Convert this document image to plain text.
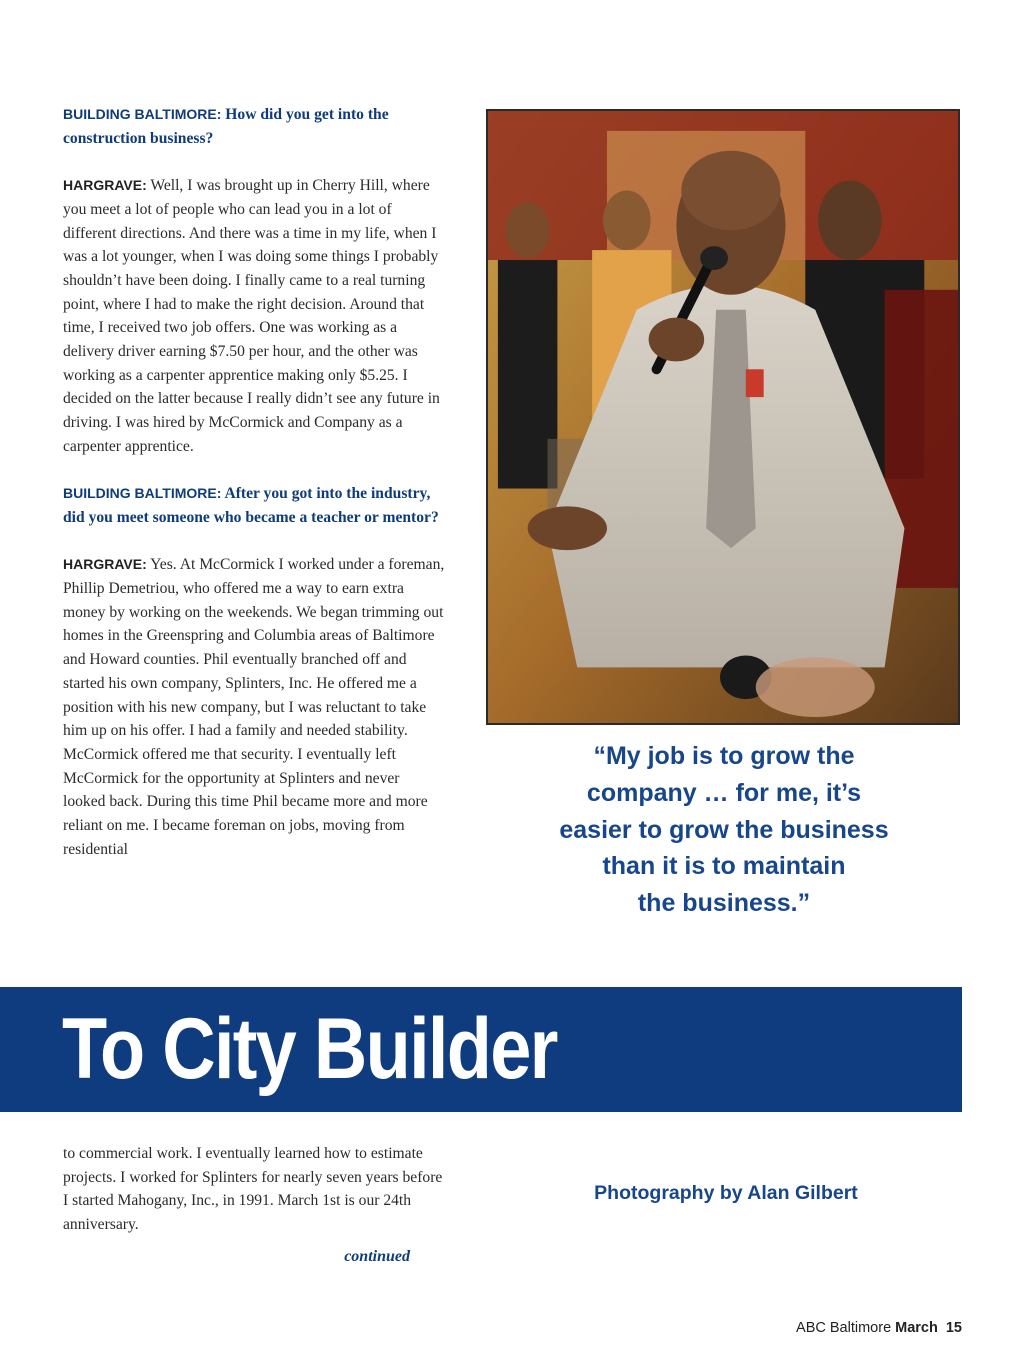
BUILDING BALTIMORE: How did you get into the construction business?

HARGRAVE: Well, I was brought up in Cherry Hill, where you meet a lot of people who can lead you in a lot of different directions. And there was a time in my life, when I was a lot younger, when I was doing some things I probably shouldn’t have been doing. I finally came to a real turning point, where I had to make the right decision. Around that time, I received two job offers. One was working as a delivery driver earning $7.50 per hour, and the other was working as a carpenter apprentice making only $5.25. I decided on the latter because I really didn’t see any future in driving. I was hired by McCormick and Company as a carpenter apprentice.

BUILDING BALTIMORE: After you got into the industry, did you meet someone who became a teacher or mentor?

HARGRAVE: Yes. At McCormick I worked under a foreman, Phillip Demetriou, who offered me a way to earn extra money by working on the weekends. We began trimming out homes in the Greenspring and Columbia areas of Baltimore and Howard counties. Phil eventually branched off and started his own company, Splinters, Inc. He offered me a position with his new company, but I was reluctant to take him up on his offer. I had a family and needed stability. McCormick offered me that security. I eventually left McCormick for the opportunity at Splinters and never looked back. During this time Phil became more and more reliant on me. I became foreman on jobs, moving from residential

“My job is to grow the
company … for me, it’s
easier to grow the business
than it is to maintain
the business.”
To City Builder

to commercial work. I eventually learned how to estimate projects. I worked for Splinters for nearly seven years before I started Mahogany, Inc., in 1991. March 1st is our 24th anniversary.

continued
Photography by Alan Gilbert
ABC Baltimore March 15
